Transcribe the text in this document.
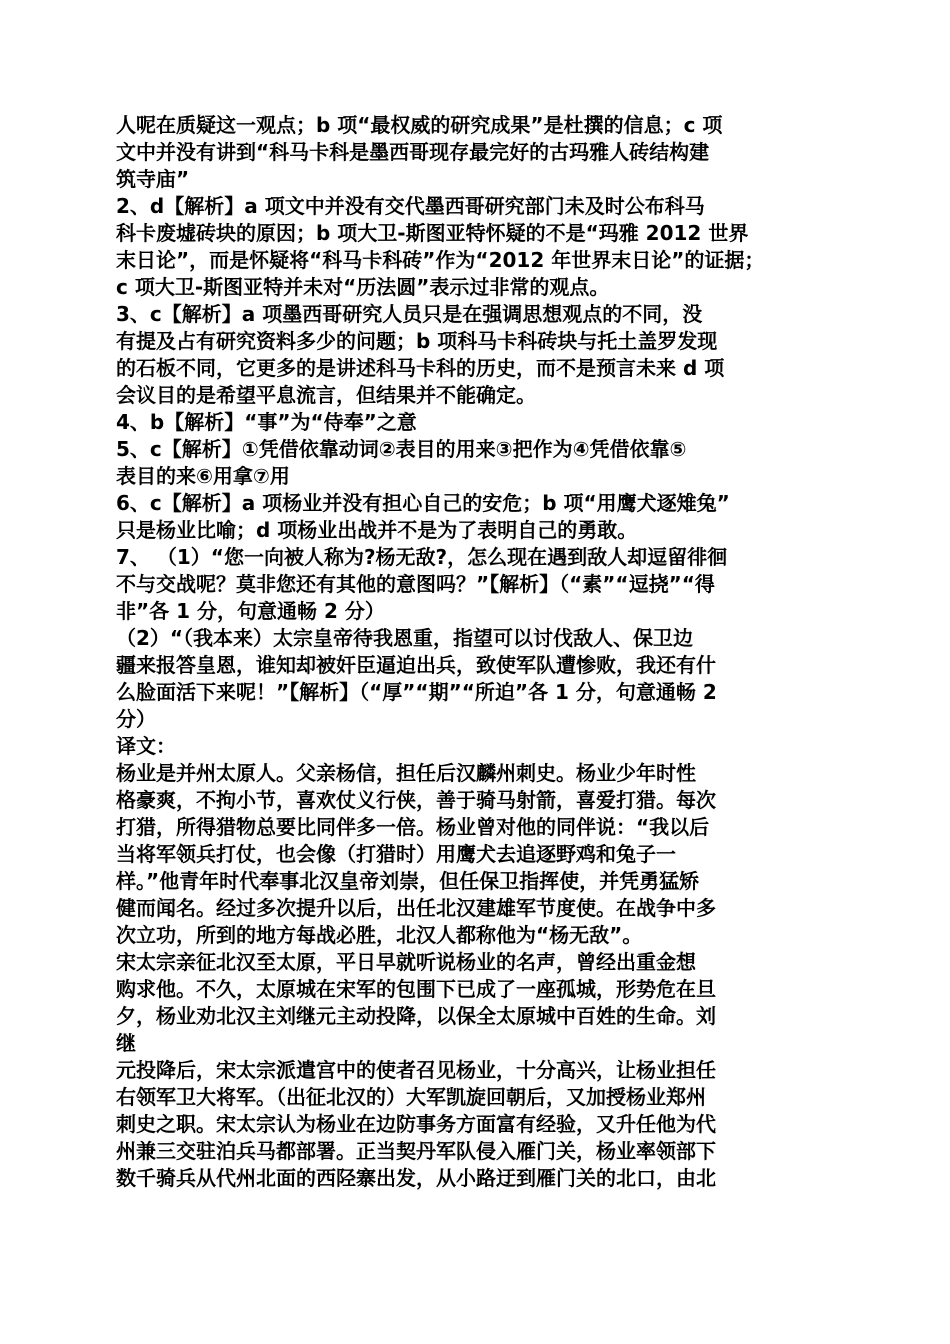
人呢在质疑这一观点；b 项“最权威的研究成果”是杜撰的信息；c 项

文中并没有讲到“科马卡科是墨西哥现存最完好的古玛雅人砖结构建

筑寺庙”

2、d【解析】a 项文中并没有交代墨西哥研究部门未及时公布科马

科卡废墟砖块的原因；b 项大卫-斯图亚特怀疑的不是“玛雅 2012 世界

末日论”，而是怀疑将“科马卡科砖”作为“2012 年世界末日论”的证据；

c 项大卫-斯图亚特并未对“历法圆”表示过非常的观点。

3、c【解析】a 项墨西哥研究人员只是在强调思想观点的不同，没

有提及占有研究资料多少的问题；b 项科马卡科砖块与托土盖罗发现

的石板不同，它更多的是讲述科马卡科的历史，而不是预言未来 d 项

会议目的是希望平息流言，但结果并不能确定。

4、b【解析】“事”为“侍奉”之意

5、c【解析】①凭借依靠动词②表目的用来③把作为④凭借依靠⑤

表目的来⑥用拿⑦用

6、c【解析】a 项杨业并没有担心自己的安危；b 项“用鹰犬逐雉兔”

只是杨业比喻；d 项杨业出战并不是为了表明自己的勇敢。

7、 （1）“您一向被人称为?杨无敌?，怎么现在遇到敌人却逗留徘徊

不与交战呢？莫非您还有其他的意图吗？”【解析】（“素”“逗挠”“得

非”各 1 分，句意通畅 2 分）

（2）“（我本来）太宗皇帝待我恩重，指望可以讨伐敌人、保卫边

疆来报答皇恩，谁知却被奸臣逼迫出兵，致使军队遭惨败，我还有什

么脸面活下来呢！”【解析】（“厚”“期”“所迫”各 1 分，句意通畅 2

分）

译文：

杨业是并州太原人。父亲杨信，担任后汉麟州刺史。杨业少年时性

格豪爽，不拘小节，喜欢仗义行侠，善于骑马射箭，喜爱打猎。每次

打猎，所得猎物总要比同伴多一倍。杨业曾对他的同伴说：“我以后

当将军领兵打仗，也会像（打猎时）用鹰犬去追逐野鸡和兔子一

样。”他青年时代奉事北汉皇帝刘崇，但任保卫指挥使，并凭勇猛矫

健而闻名。经过多次提升以后，出任北汉建雄军节度使。在战争中多

次立功，所到的地方每战必胜，北汉人都称他为“杨无敌”。

宋太宗亲征北汉至太原，平日早就听说杨业的名声，曾经出重金想

购求他。不久，太原城在宋军的包围下已成了一座孤城，形势危在旦

夕，杨业劝北汉主刘继元主动投降，以保全太原城中百姓的生命。刘

继

元投降后，宋太宗派遣宫中的使者召见杨业，十分高兴，让杨业担任

右领军卫大将军。（出征北汉的）大军凯旋回朝后，又加授杨业郑州

刺史之职。宋太宗认为杨业在边防事务方面富有经验，又升任他为代

州兼三交驻泊兵马都部署。正当契丹军队侵入雁门关，杨业率领部下

数千骑兵从代州北面的西陉寨出发，从小路迂到雁门关的北口，由北
